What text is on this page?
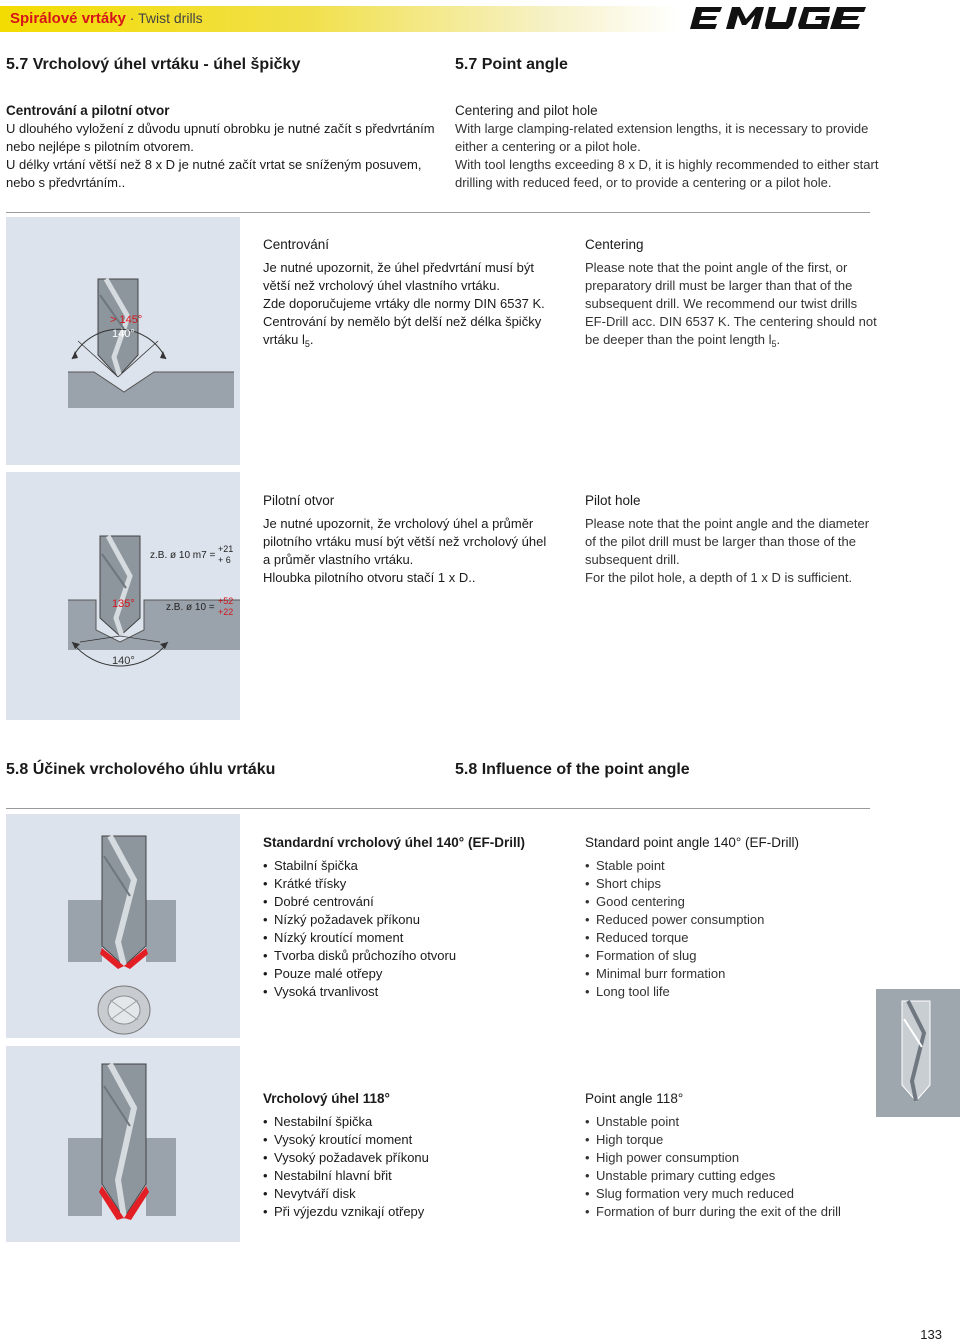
Spirálové vrtáky · Twist drills
5.7 Vrcholový úhel vrtáku - úhel špičky	5.7 Point angle
Centrování a pilotní otvor
U dlouhého vyložení z důvodu upnutí obrobku je nutné začít s předvrtáním
nebo nejlépe s pilotním otvorem.
U délky vrtání větší než 8 x D je nutné začít vrtat se sníženým posuvem,
nebo s předvrtáním..
Centering and pilot hole
With large clamping-related extension lengths, it is necessary to provide
either a centering or a pilot hole.
With tool lengths exceeding 8 x D, it is highly recommended to either start
drilling with reduced feed, or to provide a centering or a pilot hole.
> 145°
140°
Centrování
Je nutné upozornit, že úhel předvrtání musí být
větší než vrcholový úhel vlastního vrtáku.
Zde doporučujeme vrtáky dle normy DIN 6537 K.
Centrování by nemělo být delší než délka špičky
vrtáku $l_5$.
Centering
Please note that the point angle of the first, or
preparatory drill must be larger than that of the
subsequent drill. We recommend our twist drills
EF-Drill acc. DIN 6537 K. The centering should not
be deeper than the point length $l_5$.
135°
140°
z.B. ø 10 m7 =
+21
+ 6
z.B. ø 10 =
+52
+22
Pilotní otvor
Je nutné upozornit, že vrcholový úhel a průměr
pilotního vrtáku musí být větší než vrcholový úhel
a průměr vlastního vrtáku.
Hloubka pilotního otvoru stačí 1 x D..
Pilot hole
Please note that the point angle and the diameter
of the pilot drill must be larger than those of the
subsequent drill.
For the pilot hole, a depth of 1 x D is sufficient.
5.8 Účinek vrcholového úhlu vrtáku	5.8 Influence of the point angle
Standardní vrcholový úhel 140° (EF-Drill)
• Stabilní špička
• Krátké třísky
• Dobré centrování
• Nízký požadavek příkonu
• Nízký kroutící moment
• Tvorba disků průchozího otvoru
• Pouze malé otřepy
• Vysoká trvanlivost
Standard point angle 140° (EF-Drill)
• Stable point
• Short chips
• Good centering
• Reduced power consumption
• Reduced torque
• Formation of slug
• Minimal burr formation
• Long tool life
Vrcholový úhel 118°
• Nestabilní špička
• Vysoký kroutící moment
• Vysoký požadavek příkonu
• Nestabilní hlavní břit
• Nevytváří disk
• Při výjezdu vznikají otřepy
Point angle 118°
• Unstable point
• High torque
• High power consumption
• Unstable primary cutting edges
• Slug formation very much reduced
• Formation of burr during the exit of the drill
133
